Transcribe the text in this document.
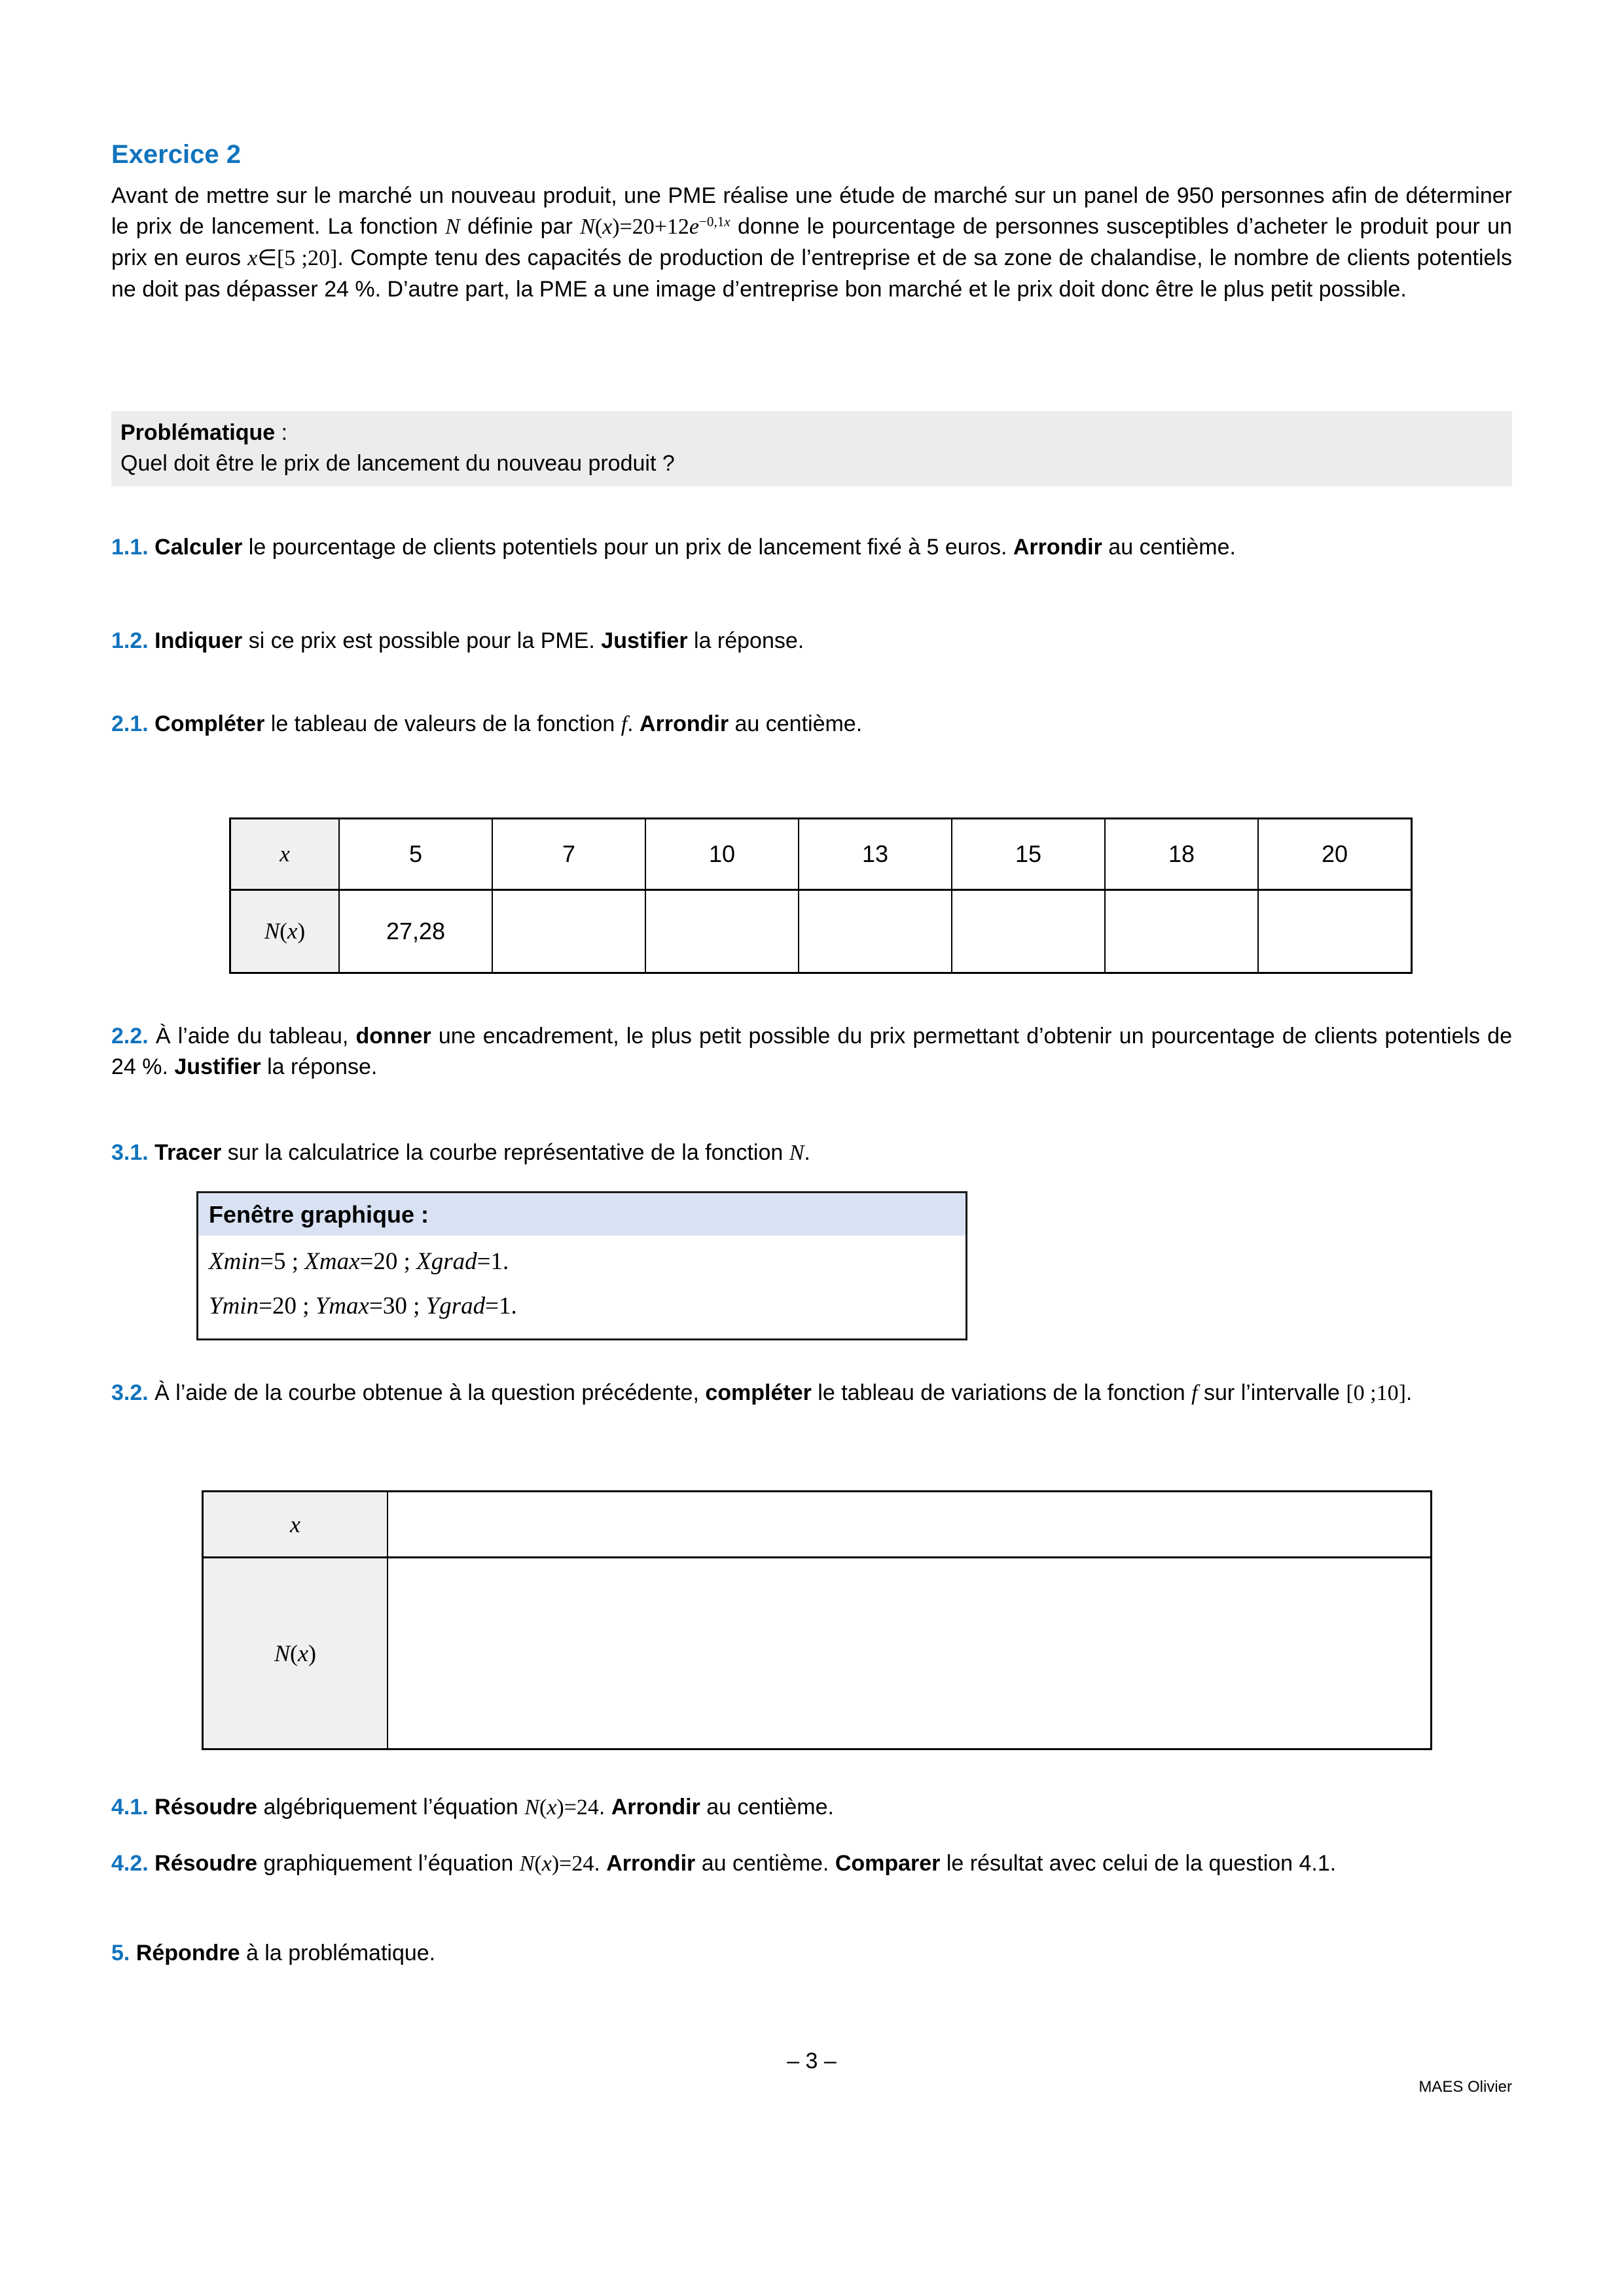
Exercice 2

Avant de mettre sur le marché un nouveau produit, une PME réalise une étude de marché sur un panel de 950 personnes afin de déterminer le prix de lancement. La fonction N définie par $N(x)=20+12e^{-0,1x}$ donne le pourcentage de personnes susceptibles d’acheter le produit pour un prix en euros x∈[5 ;20]. Compte tenu des capacités de production de l’entreprise et de sa zone de chalandise, le nombre de clients potentiels ne doit pas dépasser 24 %. D’autre part, la PME a une image d’entreprise bon marché et le prix doit donc être le plus petit possible.

Problématique :
Quel doit être le prix de lancement du nouveau produit ?

1.1. Calculer le pourcentage de clients potentiels pour un prix de lancement fixé à 5 euros. Arrondir au centième.

1.2. Indiquer si ce prix est possible pour la PME. Justifier la réponse.

2.1. Compléter le tableau de valeurs de la fonction f. Arrondir au centième.

x	5	7	10	13	15	18	20
N(x)	27,28						

2.2. À l’aide du tableau, donner une encadrement, le plus petit possible du prix permettant d’obtenir un pourcentage de clients potentiels de 24 %. Justifier la réponse.

3.1. Tracer sur la calculatrice la courbe représentative de la fonction N.

Fenêtre graphique :
Xmin=5 ; Xmax=20 ; Xgrad=1.
Ymin=20 ; Ymax=30 ; Ygrad=1.

3.2. À l’aide de la courbe obtenue à la question précédente, compléter le tableau de variations de la fonction f sur l’intervalle [0 ;10].

x	
N(x)	

4.1. Résoudre algébriquement l’équation N(x)=24. Arrondir au centième.

4.2. Résoudre graphiquement l’équation N(x)=24. Arrondir au centième. Comparer le résultat avec celui de la question 4.1.

5. Répondre à la problématique.

– 3 –
MAES Olivier
